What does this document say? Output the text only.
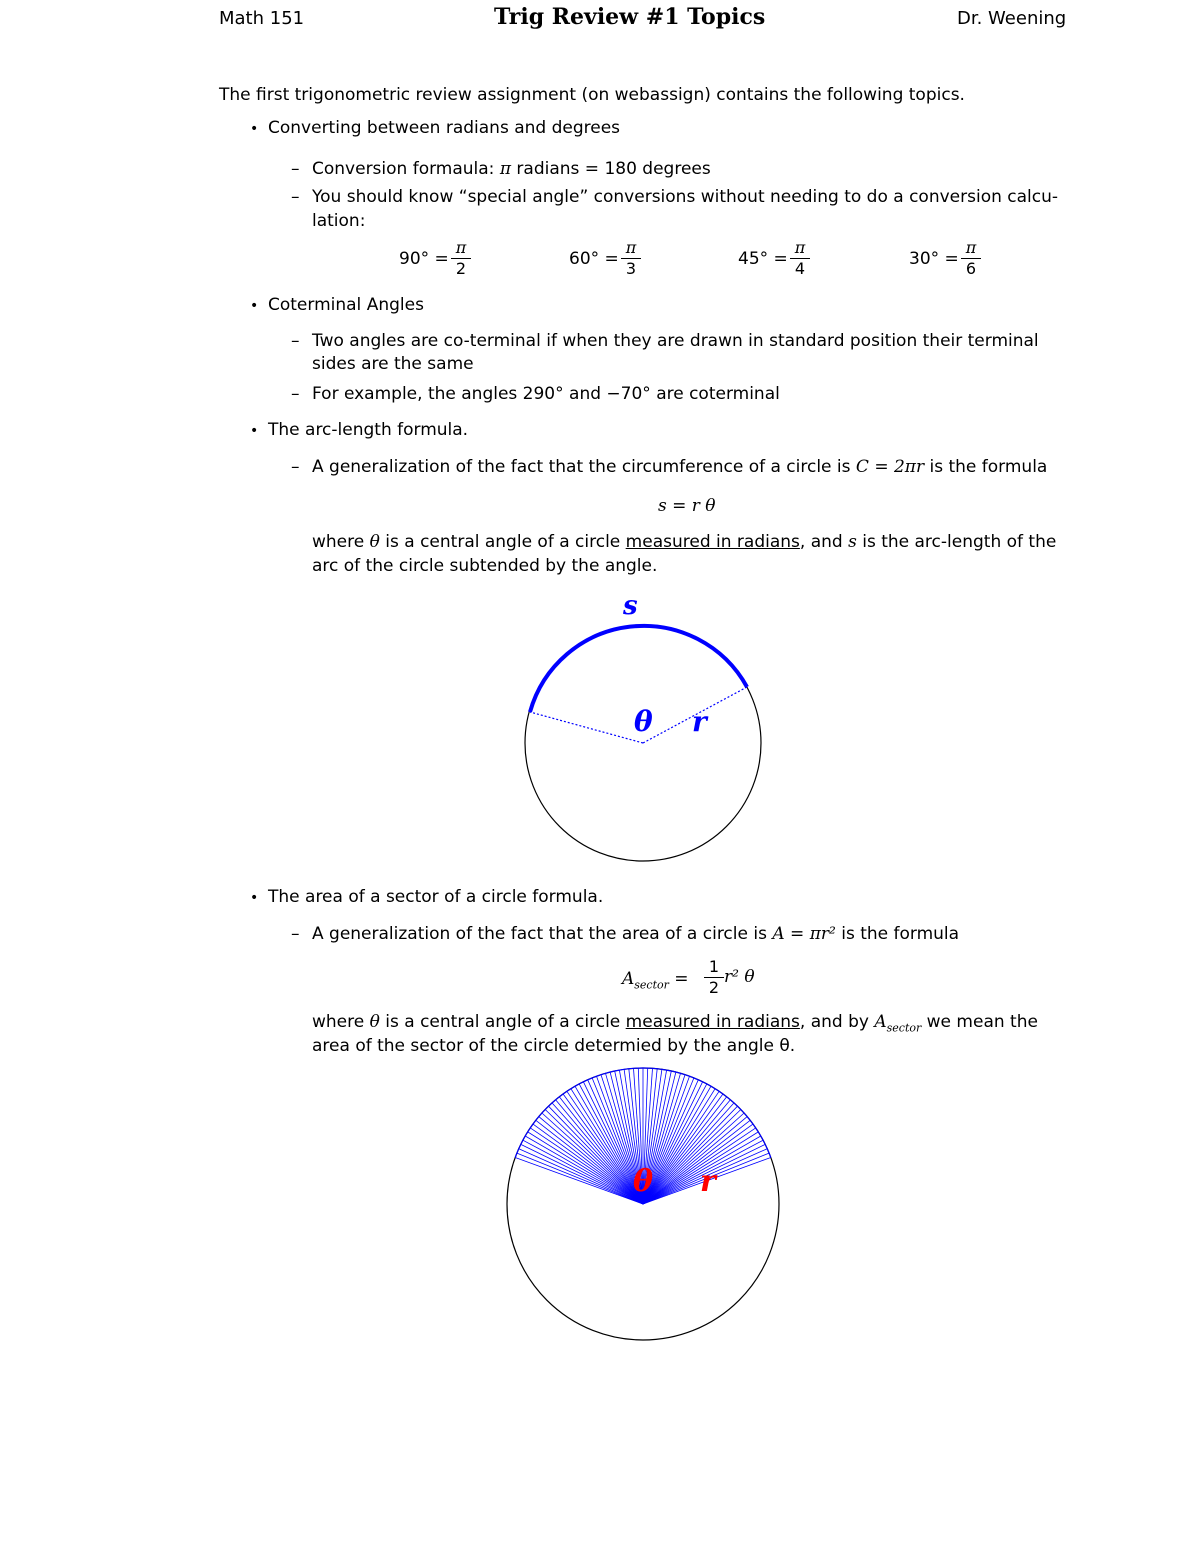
Math 151	Trig Review #1 Topics	Dr. Weening
The first trigonometric review assignment (on webassign) contains the following topics.
• Converting between radians and degrees
– Conversion formaula: π radians = 180 degrees
– You should know “special angle” conversions without needing to do a conversion calcu-
lation:
90° =
π
2	60° =
π
3	45° =
π
4	30° =
π
6
• Coterminal Angles
– Two angles are co-terminal if when they are drawn in standard position their terminal
sides are the same
– For example, the angles 290° and −70° are coterminal
• The arc-length formula.
– A generalization of the fact that the circumference of a circle is C = 2πr is the formula
s = r θ
where θ is a central angle of a circle measured in radians, and s is the arc-length of the
arc of the circle subtended by the angle.
• The area of a sector of a circle formula.
– A generalization of the fact that the area of a circle is A = πr² is the formula
$A_{sector}$ =
1
2
r² θ
where θ is a central angle of a circle measured in radians, and by $A_{sector}$ we mean the
area of the sector of the circle determied by the angle θ.
s
θ r
θ r
